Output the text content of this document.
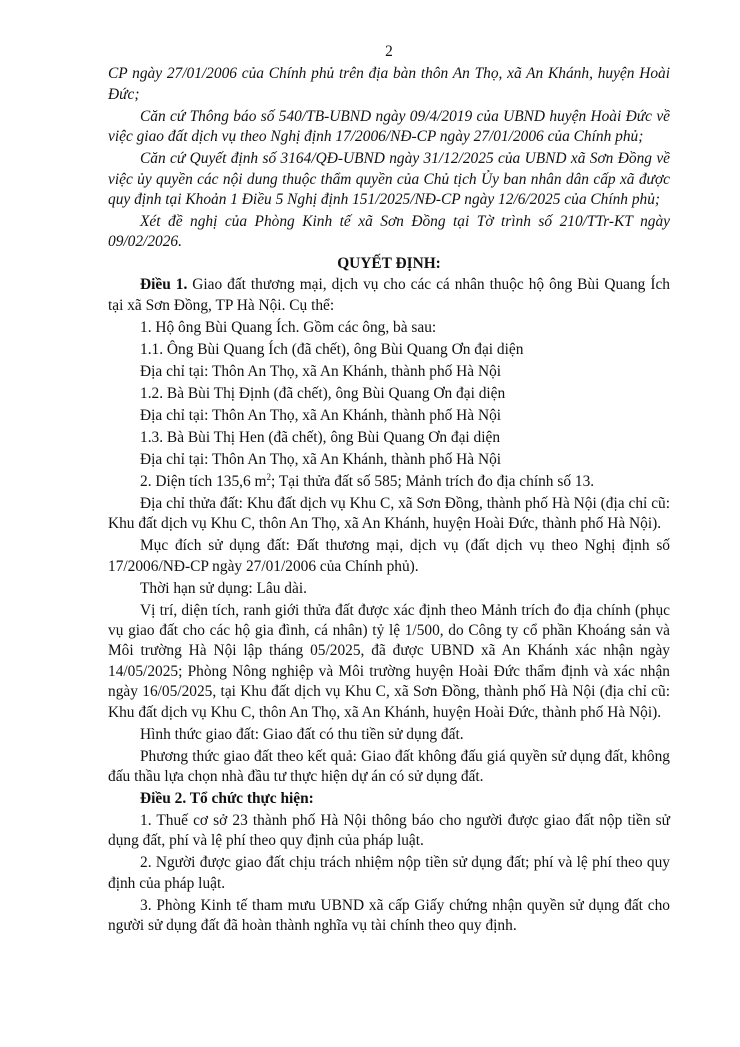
2
CP ngày 27/01/2006 của Chính phủ trên địa bàn thôn An Thọ, xã An Khánh, huyện Hoài Đức;
Căn cứ Thông báo số 540/TB-UBND ngày 09/4/2019 của UBND huyện Hoài Đức về việc giao đất dịch vụ theo Nghị định 17/2006/NĐ-CP ngày 27/01/2006 của Chính phủ;
Căn cứ Quyết định số 3164/QĐ-UBND ngày 31/12/2025 của UBND xã Sơn Đồng về việc ủy quyền các nội dung thuộc thẩm quyền của Chủ tịch Ủy ban nhân dân cấp xã được quy định tại Khoản 1 Điều 5 Nghị định 151/2025/NĐ-CP ngày 12/6/2025 của Chính phủ;
Xét đề nghị của Phòng Kinh tế xã Sơn Đồng tại Tờ trình số 210/TTr-KT ngày 09/02/2026.
QUYẾT ĐỊNH:
Điều 1. Giao đất thương mại, dịch vụ cho các cá nhân thuộc hộ ông Bùi Quang Ích tại xã Sơn Đồng, TP Hà Nội. Cụ thể:
1. Hộ ông Bùi Quang Ích. Gồm các ông, bà sau:
1.1. Ông Bùi Quang Ích (đã chết), ông Bùi Quang Ơn đại diện
Địa chỉ tại: Thôn An Thọ, xã An Khánh, thành phố Hà Nội
1.2. Bà Bùi Thị Định (đã chết), ông Bùi Quang Ơn đại diện
Địa chỉ tại: Thôn An Thọ, xã An Khánh, thành phố Hà Nội
1.3. Bà Bùi Thị Hen (đã chết), ông Bùi Quang Ơn đại diện
Địa chỉ tại: Thôn An Thọ, xã An Khánh, thành phố Hà Nội
2. Diện tích 135,6 $m^2$; Tại thửa đất số 585; Mảnh trích đo địa chính số 13.
Địa chỉ thửa đất: Khu đất dịch vụ Khu C, xã Sơn Đồng, thành phố Hà Nội (địa chỉ cũ: Khu đất dịch vụ Khu C, thôn An Thọ, xã An Khánh, huyện Hoài Đức, thành phố Hà Nội).
Mục đích sử dụng đất: Đất thương mại, dịch vụ (đất dịch vụ theo Nghị định số 17/2006/NĐ-CP ngày 27/01/2006 của Chính phủ).
Thời hạn sử dụng: Lâu dài.
Vị trí, diện tích, ranh giới thửa đất được xác định theo Mảnh trích đo địa chính (phục vụ giao đất cho các hộ gia đình, cá nhân) tỷ lệ 1/500, do Công ty cổ phần Khoáng sản và Môi trường Hà Nội lập tháng 05/2025, đã được UBND xã An Khánh xác nhận ngày 14/05/2025; Phòng Nông nghiệp và Môi trường huyện Hoài Đức thẩm định và xác nhận ngày 16/05/2025, tại Khu đất dịch vụ Khu C, xã Sơn Đồng, thành phố Hà Nội (địa chỉ cũ: Khu đất dịch vụ Khu C, thôn An Thọ, xã An Khánh, huyện Hoài Đức, thành phố Hà Nội).
Hình thức giao đất: Giao đất có thu tiền sử dụng đất.
Phương thức giao đất theo kết quả: Giao đất không đấu giá quyền sử dụng đất, không đấu thầu lựa chọn nhà đầu tư thực hiện dự án có sử dụng đất.
Điều 2. Tổ chức thực hiện:
1. Thuế cơ sở 23 thành phố Hà Nội thông báo cho người được giao đất nộp tiền sử dụng đất, phí và lệ phí theo quy định của pháp luật.
2. Người được giao đất chịu trách nhiệm nộp tiền sử dụng đất; phí và lệ phí theo quy định của pháp luật.
3. Phòng Kinh tế tham mưu UBND xã cấp Giấy chứng nhận quyền sử dụng đất cho người sử dụng đất đã hoàn thành nghĩa vụ tài chính theo quy định.
